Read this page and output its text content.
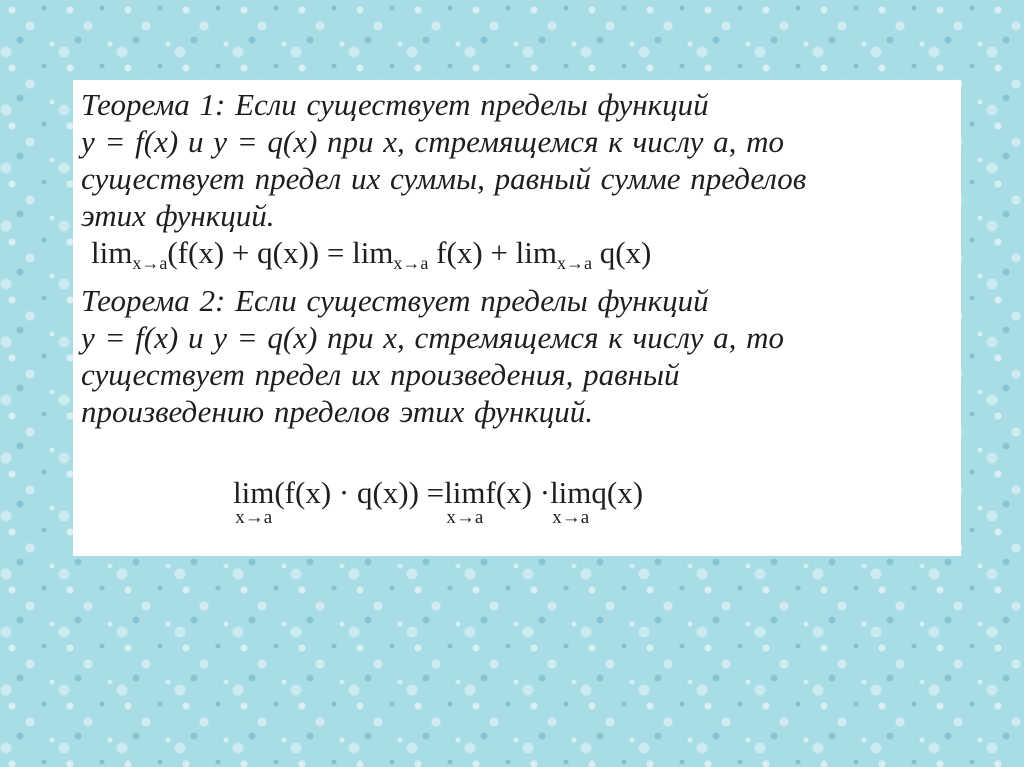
Теорема 1: Если существует пределы функций
y = f(x) и y = q(x) при x, стремящемся к числу a, то
существует предел их суммы, равный сумме пределов
этих функций.
$\lim_{x\to a}(f(x) + q(x)) = \lim_{x\to a} f(x) + \lim_{x\to a} q(x)$
Теорема 2: Если существует пределы функций
y = f(x) и y = q(x) при x, стремящемся к числу a, то
существует предел их произведения, равный
произведению пределов этих функций.
lim
x→a
(f(x) · q(x)) = lim
x→a
f(x) · lim
x→a
q(x)
